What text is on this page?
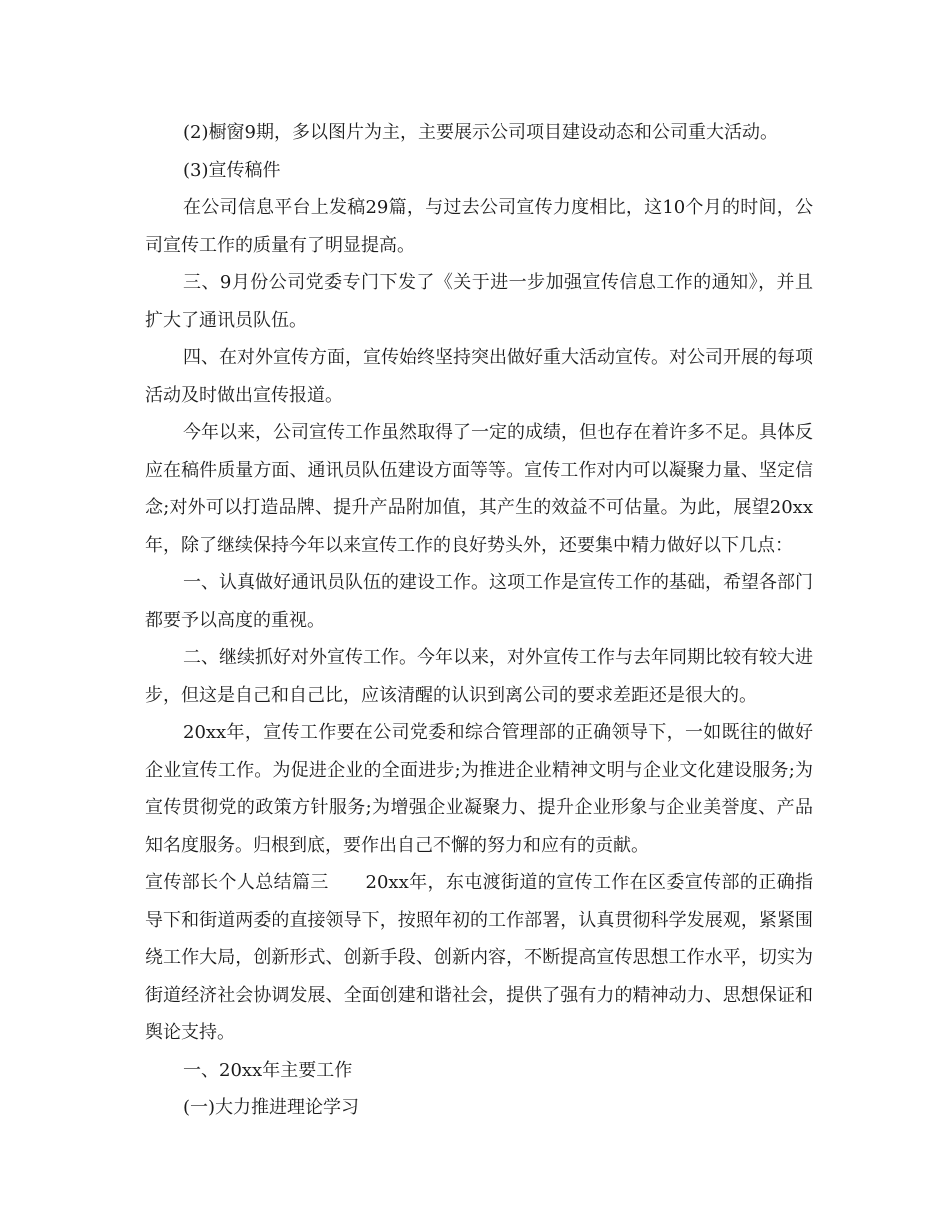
(2)橱窗9期，多以图片为主，主要展示公司项目建设动态和公司重大活动。

(3)宣传稿件

在公司信息平台上发稿29篇，与过去公司宣传力度相比，这10个月的时间，公司宣传工作的质量有了明显提高。

三、9月份公司党委专门下发了《关于进一步加强宣传信息工作的通知》，并且扩大了通讯员队伍。

四、在对外宣传方面，宣传始终坚持突出做好重大活动宣传。对公司开展的每项活动及时做出宣传报道。

今年以来，公司宣传工作虽然取得了一定的成绩，但也存在着许多不足。具体反应在稿件质量方面、通讯员队伍建设方面等等。宣传工作对内可以凝聚力量、坚定信念;对外可以打造品牌、提升产品附加值，其产生的效益不可估量。为此，展望20xx年，除了继续保持今年以来宣传工作的良好势头外，还要集中精力做好以下几点：

一、认真做好通讯员队伍的建设工作。这项工作是宣传工作的基础，希望各部门都要予以高度的重视。

二、继续抓好对外宣传工作。今年以来，对外宣传工作与去年同期比较有较大进步，但这是自己和自己比，应该清醒的认识到离公司的要求差距还是很大的。

20xx年，宣传工作要在公司党委和综合管理部的正确领导下，一如既往的做好企业宣传工作。为促进企业的全面进步;为推进企业精神文明与企业文化建设服务;为宣传贯彻党的政策方针服务;为增强企业凝聚力、提升企业形象与企业美誉度、产品知名度服务。归根到底，要作出自己不懈的努力和应有的贡献。

宣传部长个人总结篇三　　20xx年，东屯渡街道的宣传工作在区委宣传部的正确指导下和街道两委的直接领导下，按照年初的工作部署，认真贯彻科学发展观，紧紧围绕工作大局，创新形式、创新手段、创新内容，不断提高宣传思想工作水平，切实为街道经济社会协调发展、全面创建和谐社会，提供了强有力的精神动力、思想保证和舆论支持。

一、20xx年主要工作

(一)大力推进理论学习
